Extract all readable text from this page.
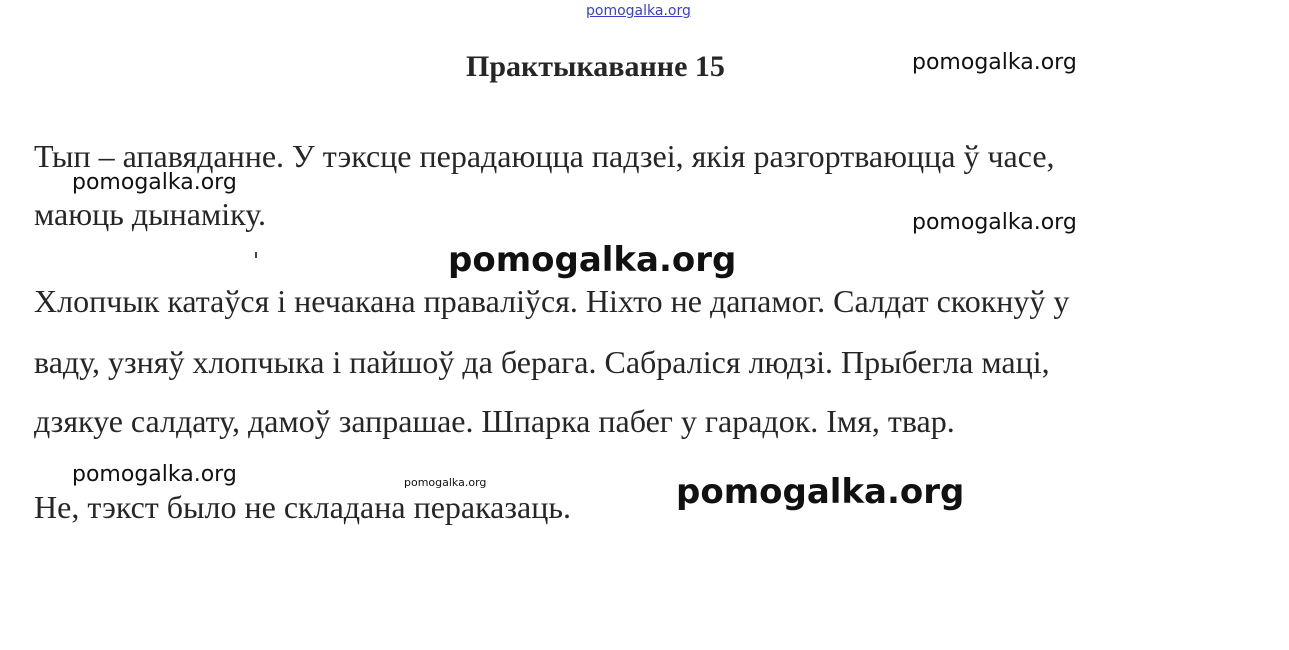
pomogalka.org
Практыкаванне 15	pomogalka.org
Тып – апавяданне. У тэксце перадаюцца падзеі, якія разгортваюцца ў часе,
pomogalka.org
маюць дынаміку.	pomogalka.org
pomogalka.org
Хлопчык катаўся і нечакана праваліўся. Ніхто не дапамог. Салдат скокнуў у
ваду, узняў хлопчыка і пайшоў да берага. Сабраліся людзі. Прыбегла маці,
дзякуе салдату, дамоў запрашае. Шпарка пабег у гарадок. Імя, твар.
pomogalka.org	pomogalka.org	pomogalka.org
Не, тэкст было не складана пераказаць.
